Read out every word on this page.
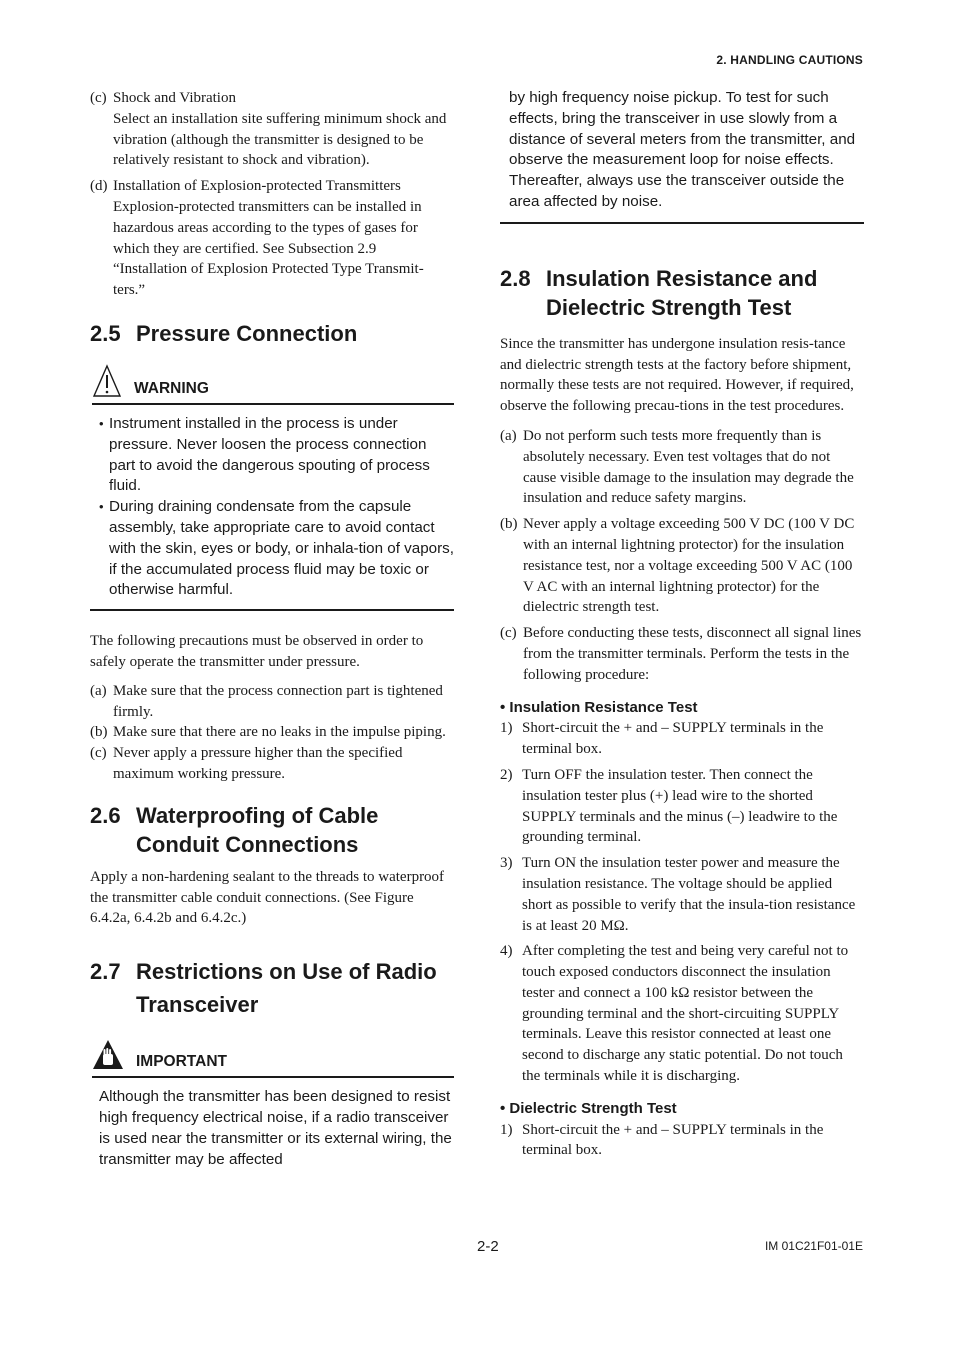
2. HANDLING CAUTIONS
(c) Shock and Vibration
Select an installation site suffering minimum shock and vibration (although the transmitter is designed to be relatively resistant to shock and vibration).
(d) Installation of Explosion-protected Transmitters
Explosion-protected transmitters can be installed in hazardous areas according to the types of gases for which they are certified. See Subsection 2.9 “Installation of Explosion Protected Type Transmit-ters.”
2.5 Pressure Connection
WARNING
• Instrument installed in the process is under pressure. Never loosen the process connection part to avoid the dangerous spouting of process fluid.
• During draining condensate from the capsule assembly, take appropriate care to avoid contact with the skin, eyes or body, or inhala-tion of vapors, if the accumulated process fluid may be toxic or otherwise harmful.

The following precautions must be observed in order to safely operate the transmitter under pressure.

(a) Make sure that the process connection part is tightened firmly.
(b) Make sure that there are no leaks in the impulse piping.
(c) Never apply a pressure higher than the specified maximum working pressure.
2.6 Waterproofing of Cable Conduit Connections

Apply a non-hardening sealant to the threads to waterproof the transmitter cable conduit connections. (See Figure 6.4.2a, 6.4.2b and 6.4.2c.)

2.7 Restrictions on Use of Radio Transceiver
IMPORTANT
Although the transmitter has been designed to resist high frequency electrical noise, if a radio transceiver is used near the transmitter or its external wiring, the transmitter may be affected
by high frequency noise pickup. To test for such effects, bring the transceiver in use slowly from a distance of several meters from the transmitter, and observe the measurement loop for noise effects. Thereafter, always use the transceiver outside the area affected by noise.
2.8 Insulation Resistance and Dielectric Strength Test

Since the transmitter has undergone insulation resis-tance and dielectric strength tests at the factory before shipment, normally these tests are not required. However, if required, observe the following precau-tions in the test procedures.

(a) Do not perform such tests more frequently than is absolutely necessary. Even test voltages that do not cause visible damage to the insulation may degrade the insulation and reduce safety margins.
(b) Never apply a voltage exceeding 500 V DC (100 V DC with an internal lightning protector) for the insulation resistance test, nor a voltage exceeding 500 V AC (100 V AC with an internal lightning protector) for the dielectric strength test.
(c) Before conducting these tests, disconnect all signal lines from the transmitter terminals. Perform the tests in the following procedure:
• Insulation Resistance Test
1) Short-circuit the + and – SUPPLY terminals in the terminal box.
2) Turn OFF the insulation tester. Then connect the insulation tester plus (+) lead wire to the shorted SUPPLY terminals and the minus (–) leadwire to the grounding terminal.
3) Turn ON the insulation tester power and measure the insulation resistance. The voltage should be applied short as possible to verify that the insula-tion resistance is at least 20 MΩ.
4) After completing the test and being very careful not to touch exposed conductors disconnect the insulation tester and connect a 100 kΩ resistor between the grounding terminal and the short-circuiting SUPPLY terminals. Leave this resistor connected at least one second to discharge any static potential. Do not touch the terminals while it is discharging.
• Dielectric Strength Test
1) Short-circuit the + and – SUPPLY terminals in the terminal box.
2-2	IM 01C21F01-01E
